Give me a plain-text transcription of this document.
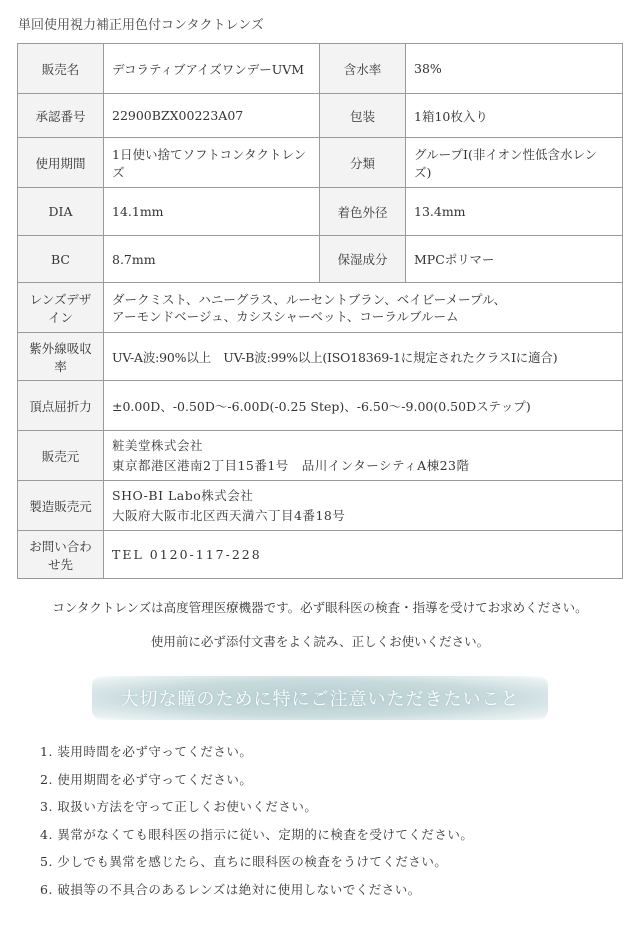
単回使用視力補正用色付コンタクトレンズ
販売名	デコラティブアイズワンデーUVM	含水率	38%
承認番号	22900BZX00223A07	包装	1箱10枚入り
使用期間	1日使い捨てソフトコンタクトレンズ	分類	グループⅠ(非イオン性低含水レンズ)
DIA	14.1mm	着色外径	13.4mm
BC	8.7mm	保湿成分	MPCポリマー
レンズデザイン	ダークミスト、ハニーグラス、ルーセントブラン、ベイビーメープル、
アーモンドベージュ、カシスシャーベット、コーラルブルーム		

紫外線吸収率	UV-A波:90%以上　UV-B波:99%以上(ISO18369-1に規定されたクラスⅠに適合)		
頂点屈折力	±0.00D、-0.50D～-6.00D(-0.25 Step)、-6.50～-9.00(0.50Dステップ)		
販売元	粧美堂株式会社
東京都港区港南2丁目15番1号　品川インターシティA棟23階		

製造販売元	SHO-BI Labo株式会社
大阪府大阪市北区西天満六丁目4番18号		

お問い合わせ先	TEL 0120-117-228		
コンタクトレンズは高度管理医療機器です。必ず眼科医の検査・指導を受けてお求めください。
使用前に必ず添付文書をよく読み、正しくお使いください。
大切な瞳のために特にご注意いただきたいこと
1. 装用時間を必ず守ってください。
2. 使用期間を必ず守ってください。
3. 取扱い方法を守って正しくお使いください。
4. 異常がなくても眼科医の指示に従い、定期的に検査を受けてください。
5. 少しでも異常を感じたら、直ちに眼科医の検査をうけてください。
6. 破損等の不具合のあるレンズは絶対に使用しないでください。
